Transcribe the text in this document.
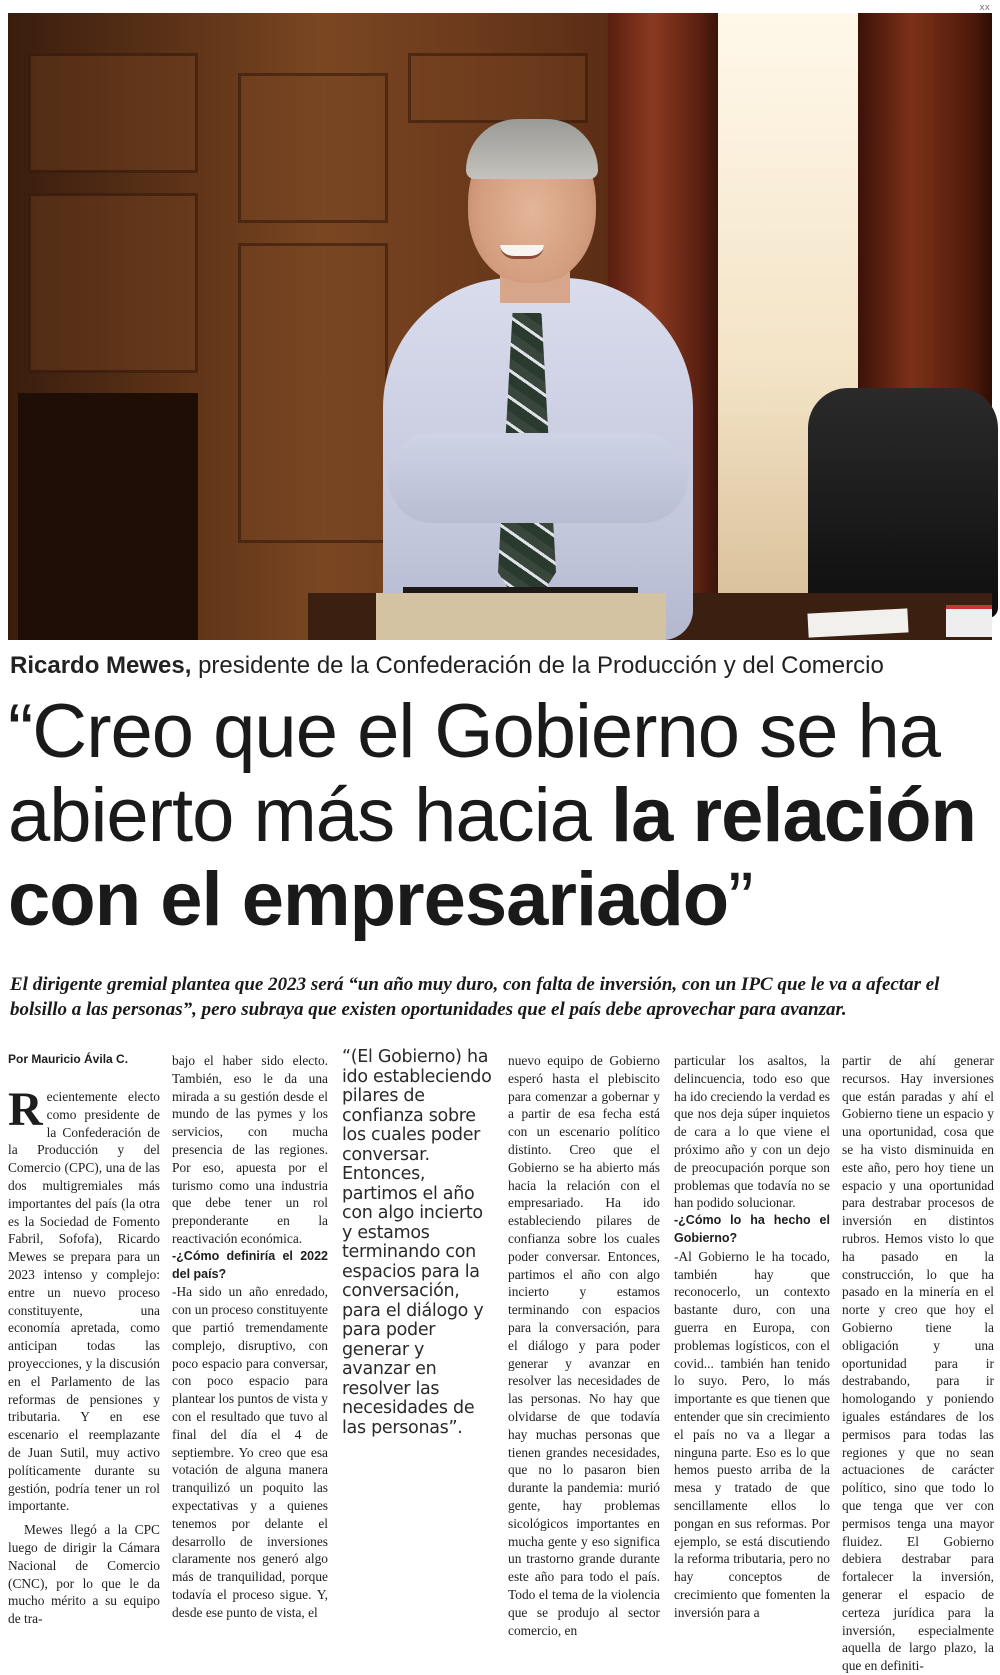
xx
Ricardo Mewes, presidente de la Confederación de la Producción y del Comercio
“Creo que el Gobierno se ha abierto más hacia la relación con el empresariado”
El dirigente gremial plantea que 2023 será “un año muy duro, con falta de inversión, con un IPC que le va a afectar el bolsillo a las personas”, pero subraya que existen oportunidades que el país debe aprovechar para avanzar.

Por Mauricio Ávila C.

Recientemente electo como presidente de la Confederación de la Producción y del Comercio (CPC), una de las dos multigremiales más importantes del país (la otra es la Sociedad de Fomento Fabril, Sofofa), Ricardo Mewes se prepara para un 2023 intenso y complejo: entre un nuevo proceso constituyente, una economía apretada, como anticipan todas las proyecciones, y la discusión en el Parlamento de las reformas de pensiones y tributaria. Y en ese escenario el reemplazante de Juan Sutil, muy activo políticamente durante su gestión, podría tener un rol importante.

Mewes llegó a la CPC luego de dirigir la Cámara Nacional de Comercio (CNC), por lo que le da mucho mérito a su equipo de tra-

bajo el haber sido electo. También, eso le da una mirada a su gestión desde el mundo de las pymes y los servicios, con mucha presencia de las regiones. Por eso, apuesta por el turismo como una industria que debe tener un rol preponderante en la reactivación económica.

-¿Cómo definiría el 2022 del país?

-Ha sido un año enredado, con un proceso constituyente que partió tremendamente complejo, disruptivo, con poco espacio para conversar, con poco espacio para plantear los puntos de vista y con el resultado que tuvo al final del día el 4 de septiembre. Yo creo que esa votación de alguna manera tranquilizó un poquito las expectativas y a quienes tenemos por delante el desarrollo de inversiones claramente nos generó algo más de tranquilidad, porque todavía el proceso sigue. Y, desde ese punto de vista, el

“(El Gobierno) ha ido estableciendo pilares de confianza sobre los cuales poder conversar. Entonces, partimos el año con algo incierto y estamos terminando con espacios para la conversación, para el diálogo y para poder generar y avanzar en resolver las necesidades de las personas”.

nuevo equipo de Gobierno esperó hasta el plebiscito para comenzar a gobernar y a partir de esa fecha está con un escenario político distinto. Creo que el Gobierno se ha abierto más hacia la relación con el empresariado. Ha ido estableciendo pilares de confianza sobre los cuales poder conversar. Entonces, partimos el año con algo incierto y estamos terminando con espacios para la conversación, para el diálogo y para poder generar y avanzar en resolver las necesidades de las personas. No hay que olvidarse de que todavía hay muchas personas que tienen grandes necesidades, que no lo pasaron bien durante la pandemia: murió gente, hay problemas sicológicos importantes en mucha gente y eso significa un trastorno grande durante este año para todo el país. Todo el tema de la violencia que se produjo al sector comercio, en

particular los asaltos, la delincuencia, todo eso que ha ido creciendo la verdad es que nos deja súper inquietos de cara a lo que viene el próximo año y con un dejo de preocupación porque son problemas que todavía no se han podido solucionar.

-¿Cómo lo ha hecho el Gobierno?

-Al Gobierno le ha tocado, también hay que reconocerlo, un contexto bastante duro, con una guerra en Europa, con problemas logísticos, con el covid... también han tenido lo suyo. Pero, lo más importante es que tienen que entender que sin crecimiento el país no va a llegar a ninguna parte. Eso es lo que hemos puesto arriba de la mesa y tratado de que sencillamente ellos lo pongan en sus reformas. Por ejemplo, se está discutiendo la reforma tributaria, pero no hay conceptos de crecimiento que fomenten la inversión para a

partir de ahí generar recursos. Hay inversiones que están paradas y ahí el Gobierno tiene un espacio y una oportunidad, cosa que se ha visto disminuida en este año, pero hoy tiene un espacio y una oportunidad para destrabar procesos de inversión en distintos rubros. Hemos visto lo que ha pasado en la construcción, lo que ha pasado en la minería en el norte y creo que hoy el Gobierno tiene la obligación y una oportunidad para ir destrabando, para ir homologando y poniendo iguales estándares de los permisos para todas las regiones y que no sean actuaciones de carácter político, sino que todo lo que tenga que ver con permisos tenga una mayor fluidez. El Gobierno debiera destrabar para fortalecer la inversión, generar el espacio de certeza jurídica para la inversión, especialmente aquella de largo plazo, la que en definiti-
